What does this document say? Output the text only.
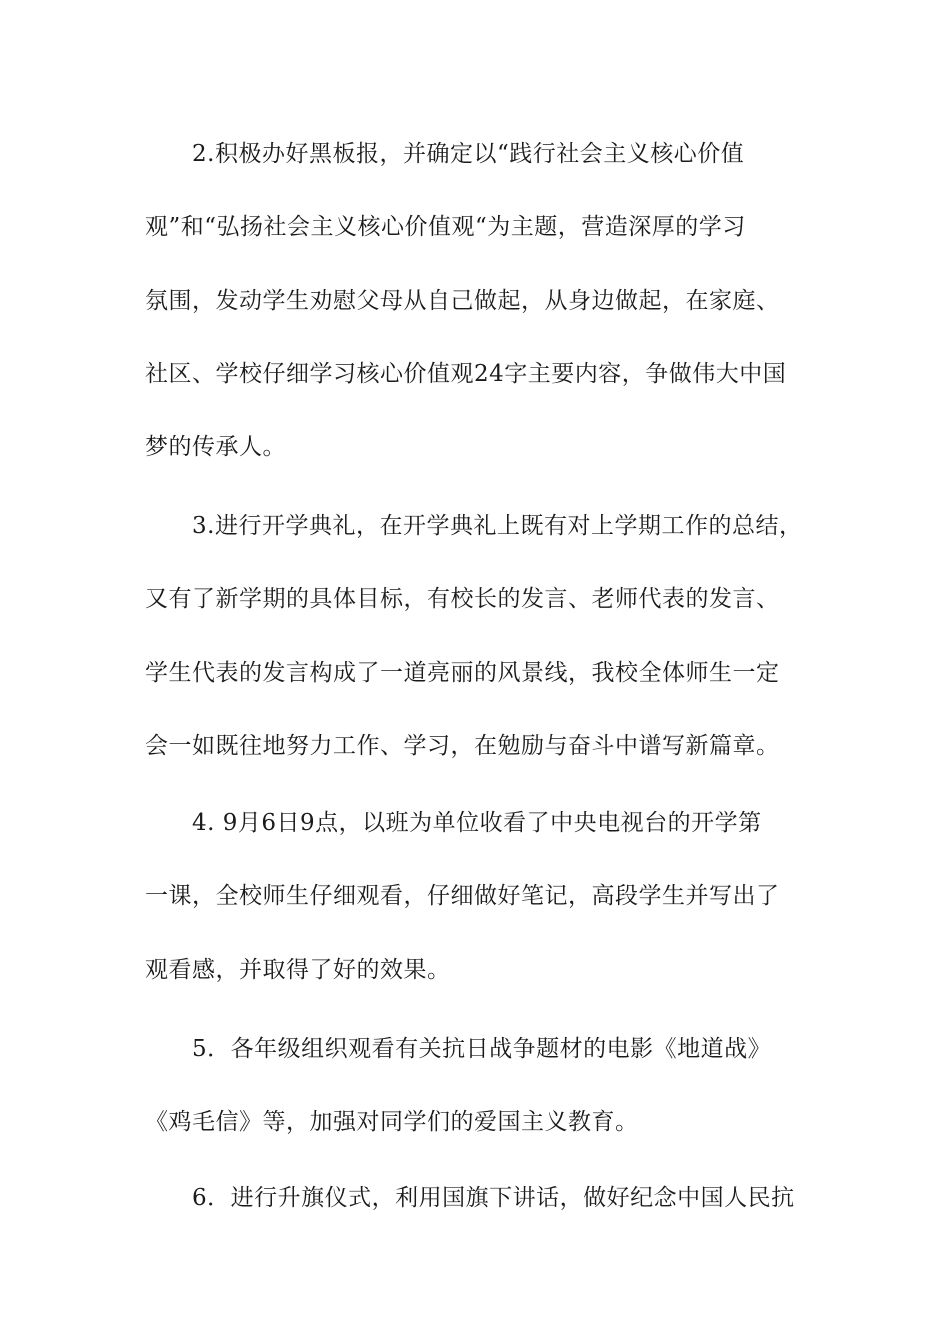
2.积极办好黑板报，并确定以“践行社会主义核心价值
观”和“弘扬社会主义核心价值观“为主题，营造深厚的学习
氛围，发动学生劝慰父母从自己做起，从身边做起，在家庭、
社区、学校仔细学习核心价值观24字主要内容，争做伟大中国
梦的传承人。
3.进行开学典礼，在开学典礼上既有对上学期工作的总结，
又有了新学期的具体目标，有校长的发言、老师代表的发言、
学生代表的发言构成了一道亮丽的风景线，我校全体师生一定
会一如既往地努力工作、学习，在勉励与奋斗中谱写新篇章。
4. 9月6日9点，以班为单位收看了中央电视台的开学第
一课，全校师生仔细观看，仔细做好笔记，高段学生并写出了
观看感，并取得了好的效果。
5．各年级组织观看有关抗日战争题材的电影《地道战》
《鸡毛信》等，加强对同学们的爱国主义教育。
6．进行升旗仪式，利用国旗下讲话，做好纪念中国人民抗
